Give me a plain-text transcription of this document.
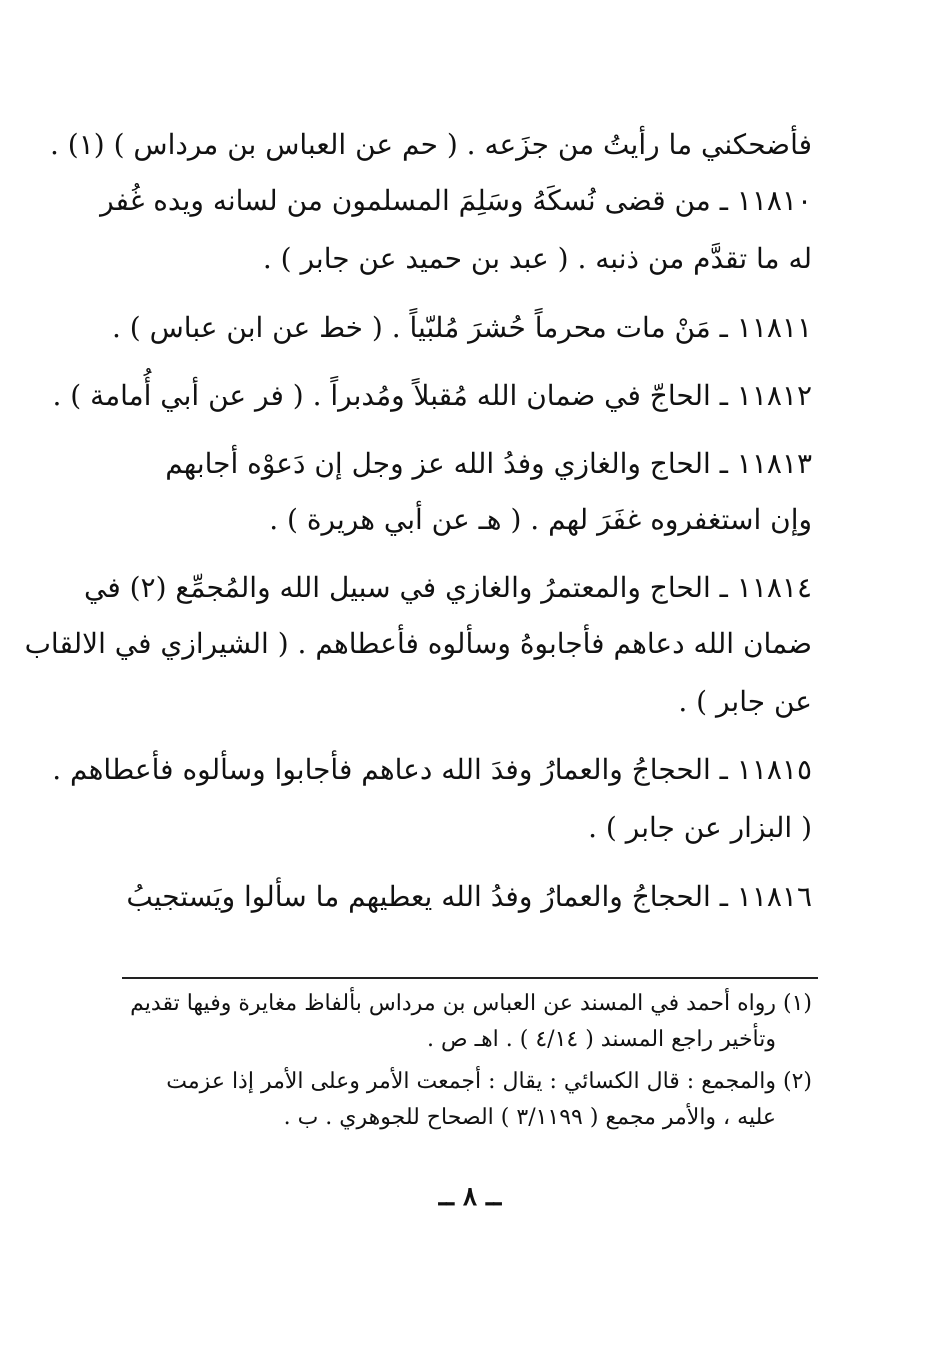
فأضحكني ما رأيتُ من جزَعه . ( حم عن العباس بن مرداس ) (١) .
١١٨١٠ ـ من قضى نُسكَهُ وسَلِمَ المسلمون من لسانه ويده غُفر
له ما تقدَّم من ذنبه . ( عبد بن حميد عن جابر ) .
١١٨١١ ـ مَنْ مات محرماً حُشرَ مُلبّياً . ( خط عن ابن عباس ) .
١١٨١٢ ـ الحاجّ في ضمان الله مُقبلاً ومُدبراً . ( فر عن أبي أُمامة ) .
١١٨١٣ ـ الحاج والغازي وفدُ الله عز وجل إن دَعوْه أجابهم
وإن استغفروه غفَرَ لهم . ( هـ عن أبي هريرة ) .
١١٨١٤ ـ الحاج والمعتمرُ والغازي في سبيل الله والمُجمِّع (٢) في
ضمان الله دعاهم فأجابوهُ وسألوه فأعطاهم . ( الشيرازي في الالقاب
عن جابر ) .
١١٨١٥ ـ الحجاجُ والعمارُ وفدَ الله دعاهم فأجابوا وسألوه فأعطاهم .
( البزار عن جابر ) .
١١٨١٦ ـ الحجاجُ والعمارُ وفدُ الله يعطيهم ما سألوا ويَستجيبُ
(١) رواه أحمد في المسند عن العباس بن مرداس بألفاظ مغايرة وفيها تقديم
وتأخير راجع المسند ( ٤/١٤ ) . اهـ ص .
(٢) والمجمع : قال الكسائي : يقال : أجمعت الأمر وعلى الأمر إذا عزمت
عليه ، والأمر مجمع ( ٣/١١٩٩ ) الصحاح للجوهري . ب .
ــ ٨ ــ
